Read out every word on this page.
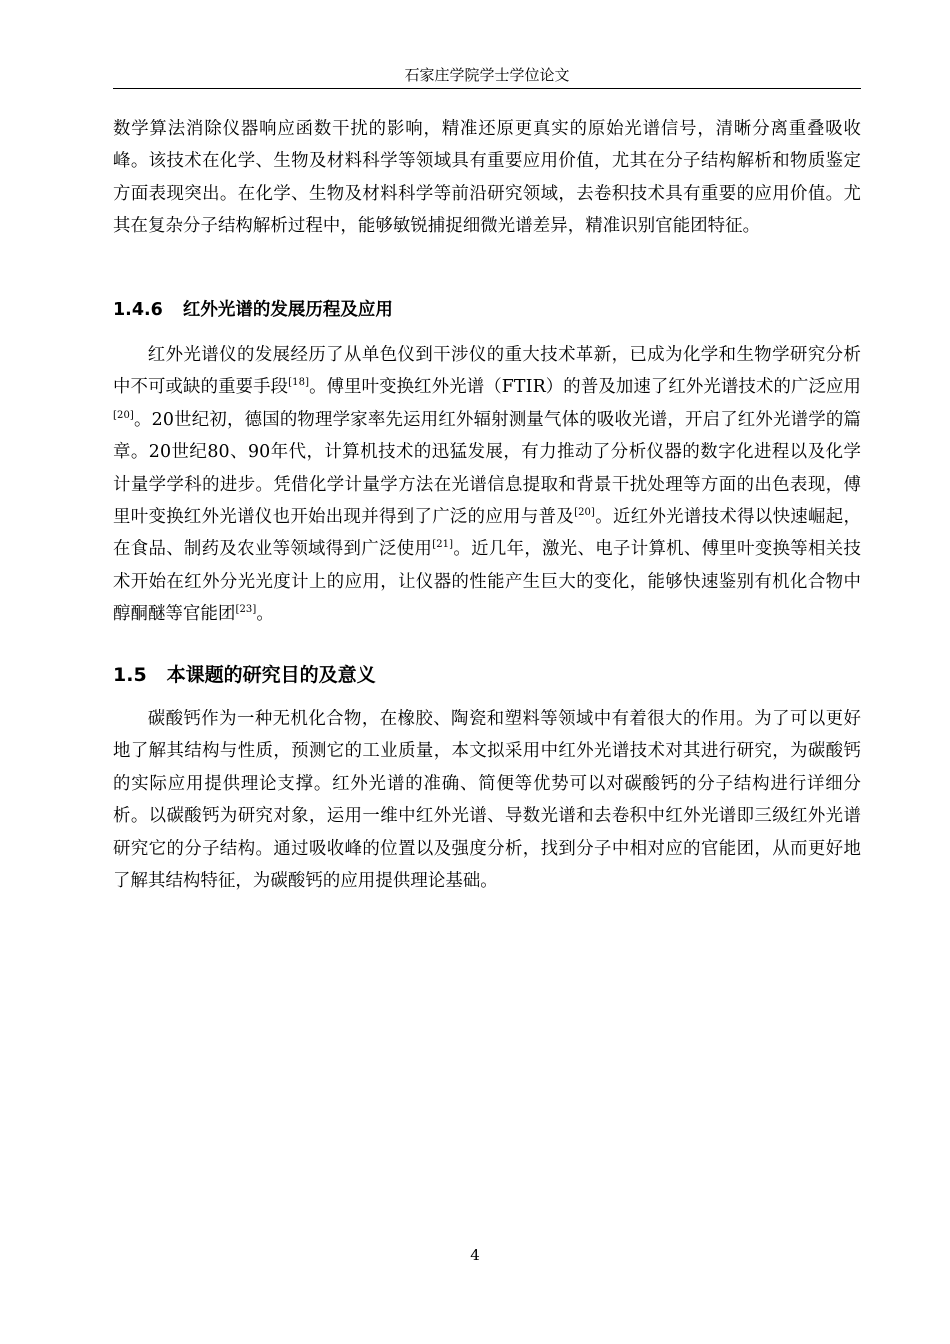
石家庄学院学士学位论文

数学算法消除仪器响应函数干扰的影响，精准还原更真实的原始光谱信号，清晰分离重叠吸收峰。该技术在化学、生物及材料科学等领域具有重要应用价值，尤其在分子结构解析和物质鉴定方面表现突出。在化学、生物及材料科学等前沿研究领域，去卷积技术具有重要的应用价值。尤其在复杂分子结构解析过程中，能够敏锐捕捉细微光谱差异，精准识别官能团特征。

1.4.6 红外光谱的发展历程及应用

红外光谱仪的发展经历了从单色仪到干涉仪的重大技术革新，已成为化学和生物学研究分析中不可或缺的重要手段[18]。傅里叶变换红外光谱（FTIR）的普及加速了红外光谱技术的广泛应用[20]。20世纪初，德国的物理学家率先运用红外辐射测量气体的吸收光谱，开启了红外光谱学的篇章。20世纪80、90年代，计算机技术的迅猛发展，有力推动了分析仪器的数字化进程以及化学计量学学科的进步。凭借化学计量学方法在光谱信息提取和背景干扰处理等方面的出色表现，傅里叶变换红外光谱仪也开始出现并得到了广泛的应用与普及[20]。近红外光谱技术得以快速崛起，在食品、制药及农业等领域得到广泛使用[21]。近几年，激光、电子计算机、傅里叶变换等相关技术开始在红外分光光度计上的应用，让仪器的性能产生巨大的变化，能够快速鉴别有机化合物中醇酮醚等官能团[23]。

1.5 本课题的研究目的及意义

碳酸钙作为一种无机化合物，在橡胶、陶瓷和塑料等领域中有着很大的作用。为了可以更好地了解其结构与性质，预测它的工业质量，本文拟采用中红外光谱技术对其进行研究，为碳酸钙的实际应用提供理论支撑。红外光谱的准确、简便等优势可以对碳酸钙的分子结构进行详细分析。以碳酸钙为研究对象，运用一维中红外光谱、导数光谱和去卷积中红外光谱即三级红外光谱研究它的分子结构。通过吸收峰的位置以及强度分析，找到分子中相对应的官能团，从而更好地了解其结构特征，为碳酸钙的应用提供理论基础。

4
